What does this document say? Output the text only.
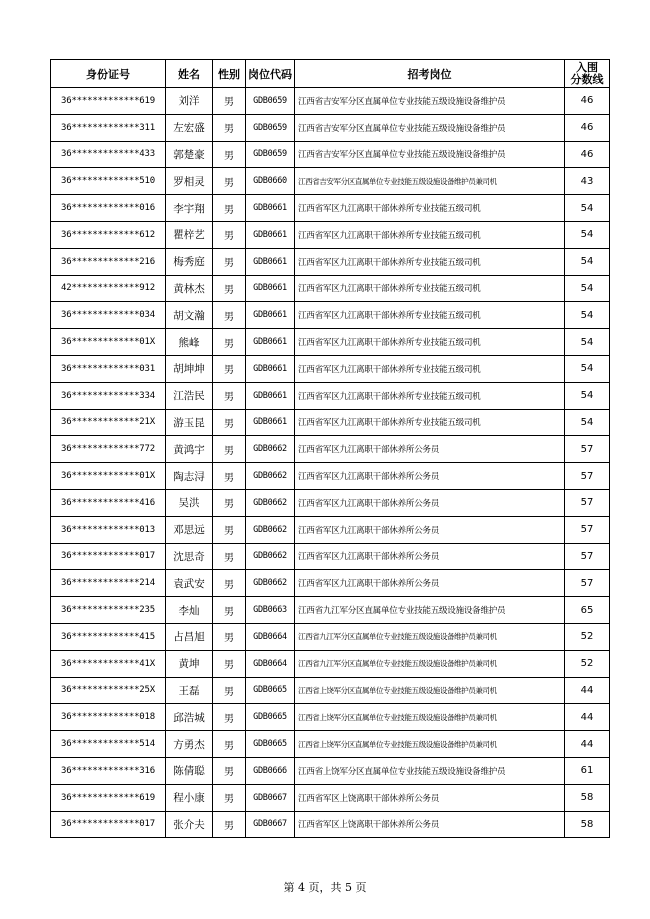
身份证号	姓名	性别	岗位代码	招考岗位	入围
分数线
36*************619	刘洋	男	GDB0659	江西省吉安军分区直属单位专业技能五级设施设备维护员	46
36*************311	左宏盛	男	GDB0659	江西省吉安军分区直属单位专业技能五级设施设备维护员	46
36*************433	郭楚豪	男	GDB0659	江西省吉安军分区直属单位专业技能五级设施设备维护员	46
36*************510	罗相灵	男	GDB0660	江西省吉安军分区直属单位专业技能五级设施设备维护员兼司机	43
36*************016	李宇翔	男	GDB0661	江西省军区九江离职干部休养所专业技能五级司机	54
36*************612	瞿梓艺	男	GDB0661	江西省军区九江离职干部休养所专业技能五级司机	54
36*************216	梅秀庭	男	GDB0661	江西省军区九江离职干部休养所专业技能五级司机	54
42*************912	黄林杰	男	GDB0661	江西省军区九江离职干部休养所专业技能五级司机	54
36*************034	胡文瀚	男	GDB0661	江西省军区九江离职干部休养所专业技能五级司机	54
36*************01X	熊峰	男	GDB0661	江西省军区九江离职干部休养所专业技能五级司机	54
36*************031	胡坤坤	男	GDB0661	江西省军区九江离职干部休养所专业技能五级司机	54
36*************334	江浩民	男	GDB0661	江西省军区九江离职干部休养所专业技能五级司机	54
36*************21X	游玉昆	男	GDB0661	江西省军区九江离职干部休养所专业技能五级司机	54
36*************772	黄鸿宇	男	GDB0662	江西省军区九江离职干部休养所公务员	57
36*************01X	陶志浔	男	GDB0662	江西省军区九江离职干部休养所公务员	57
36*************416	吴洪	男	GDB0662	江西省军区九江离职干部休养所公务员	57
36*************013	邓思远	男	GDB0662	江西省军区九江离职干部休养所公务员	57
36*************017	沈思奇	男	GDB0662	江西省军区九江离职干部休养所公务员	57
36*************214	袁武安	男	GDB0662	江西省军区九江离职干部休养所公务员	57
36*************235	李灿	男	GDB0663	江西省九江军分区直属单位专业技能五级设施设备维护员	65
36*************415	占昌旭	男	GDB0664	江西省九江军分区直属单位专业技能五级设施设备维护员兼司机	52
36*************41X	黄坤	男	GDB0664	江西省九江军分区直属单位专业技能五级设施设备维护员兼司机	52
36*************25X	王磊	男	GDB0665	江西省上饶军分区直属单位专业技能五级设施设备维护员兼司机	44
36*************018	邱浩城	男	GDB0665	江西省上饶军分区直属单位专业技能五级设施设备维护员兼司机	44
36*************514	方勇杰	男	GDB0665	江西省上饶军分区直属单位专业技能五级设施设备维护员兼司机	44
36*************316	陈倩聪	男	GDB0666	江西省上饶军分区直属单位专业技能五级设施设备维护员	61
36*************619	程小康	男	GDB0667	江西省军区上饶离职干部休养所公务员	58
36*************017	张介夫	男	GDB0667	江西省军区上饶离职干部休养所公务员	58
第 4 页，共 5 页
